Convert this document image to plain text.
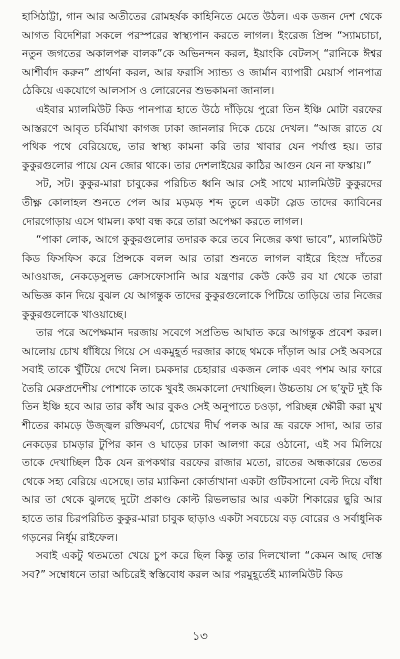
হাসিঠাট্টা, গান আর অতীতের রোমহর্ষক কাহিনিতে মেতে উঠল। এক ডজন দেশ থেকে আগত বিদেশিরা সকলে পরস্পরের স্বাস্থ্যপান করতে লাগল। ইংরেজ প্রিন্স “স্যামচাচা, নতুন জগতের অকালপক্ব বালক”কে অভিনন্দন করল, ইয়াংকি বেটলস্ “রানিকে ঈশ্বর আশীর্বাদ করুন” প্রার্থনা করল, আর ফরাসি স্যান্ড্য ও জার্মান ব্যাপারী মেয়ার্স পানপাত্র ঠেকিয়ে একযোগে আলসাস ও লোরেনের শুভকামনা জানাল।

এইবার ম্যালমিউট কিড পানপাত্র হাতে উঠে দাঁড়িয়ে পুরো তিন ইঞ্চি মোটা বরফের আস্তরণে আবৃত চর্বিমাখা কাগজ ঢাকা জানলার দিকে চেয়ে দেখল। “আজ রাতে যে পথিক পথে বেরিয়েছে, তার স্বাস্থ্য কামনা করি তার খাবার যেন পর্যাপ্ত হয়। তার কুকুরগুলোর পায়ে যেন জোর থাকে। তার দেশলাইয়ের কাঠির আগুন যেন না ফস্কায়।”

সট, সট। কুকুর-মারা চাবুকের পরিচিত ধ্বনি আর সেই সাথে ম্যালমিউট কুকুরদের তীক্ষ্ণ কোলাহল শুনতে পেল আর মড়মড় শব্দ তুলে একটা স্লেড তাদের ক্যাবিনের দোরগোড়ায় এসে থামল। কথা বন্ধ করে তারা অপেক্ষা করতে লাগল।

“পাকা লোক, আগে কুকুরগুলোর তদারক করে তবে নিজের কথা ভাবে”, ম্যালমিউট কিড ফিসফিস করে প্রিন্সকে বলল আর তারা শুনতে লাগল বাইরে হিংস্র দাঁতের আওয়াজ, নেকড়েসুলভ ক্ৰোসফোসানি আর যন্ত্রণার কেউ কেউ রব যা থেকে তারা অভিজ্ঞ কান দিয়ে বুঝল যে আগন্তুক তাদের কুকুরগুলোকে পিটিয়ে তাড়িয়ে তার নিজের কুকুরগুলোকে খাওয়াচ্ছে।

তার পরে অপেক্ষমান দরজায় সবেগে সপ্রতিভ আঘাত করে আগন্তুক প্রবেশ করল। আলোয় চোখ ধাঁধিয়ে গিয়ে সে একমুহূর্ত দরজার কাছে থমকে দাঁড়াল আর সেই অবসরে সবাই তাকে খুঁটিয়ে দেখে নিল। চমকদার চেহারার একজন লোক এবং পশম আর ফারে তৈরি মেরুপ্রদেশীয় পোশাকে তাকে খুবই জমকালো দেখাচ্ছিল। উচ্চতায় সে ছ’ফুট দুই কি তিন ইঞ্চি হবে আর তার কাঁধ আর বুকও সেই অনুপাতে চওড়া, পরিচ্ছন্ন ক্ষৌরী করা মুখ শীতের কামড়ে উজ্জ্বল রক্তিমবর্ণ, চোখের দীর্ঘ পলক আর ভ্রূ বরফে সাদা, আর তার নেকড়ের চামড়ার টুপির কান ও ঘাড়ের ঢাকা আলগা করে ওঠানো, এই সব মিলিয়ে তাকে দেখাচ্ছিল ঠিক যেন রূপকথার বরফের রাজার মতো, রাতের অন্ধকারের ভেতর থেকে সহ্য বেরিয়ে এসেছে। তার ম্যাকিনা কোর্তাখানা একটা গুটিবসানো বেল্ট দিয়ে বাঁধা আর তা থেকে ঝুলছে দুটো প্রকাণ্ড কোল্ট রিভলভার আর একটা শিকারের ছুরি আর হাতে তার চিরপরিচিত কুকুর-মারা চাবুক ছাড়াও একটা সবচেয়ে বড় বোরের ও সর্বাধুনিক গড়নের নির্ধূম রাইফেল।

সবাই একটু থতমতো খেয়ে চুপ করে ছিল কিন্তু তার দিলখোলা “কেমন আছ দোস্ত সব?” সম্বোধনে তারা অচিরেই স্বস্তিবোধ করল আর পরমুহূর্তেই ম্যালমিউট কিড

১৩
